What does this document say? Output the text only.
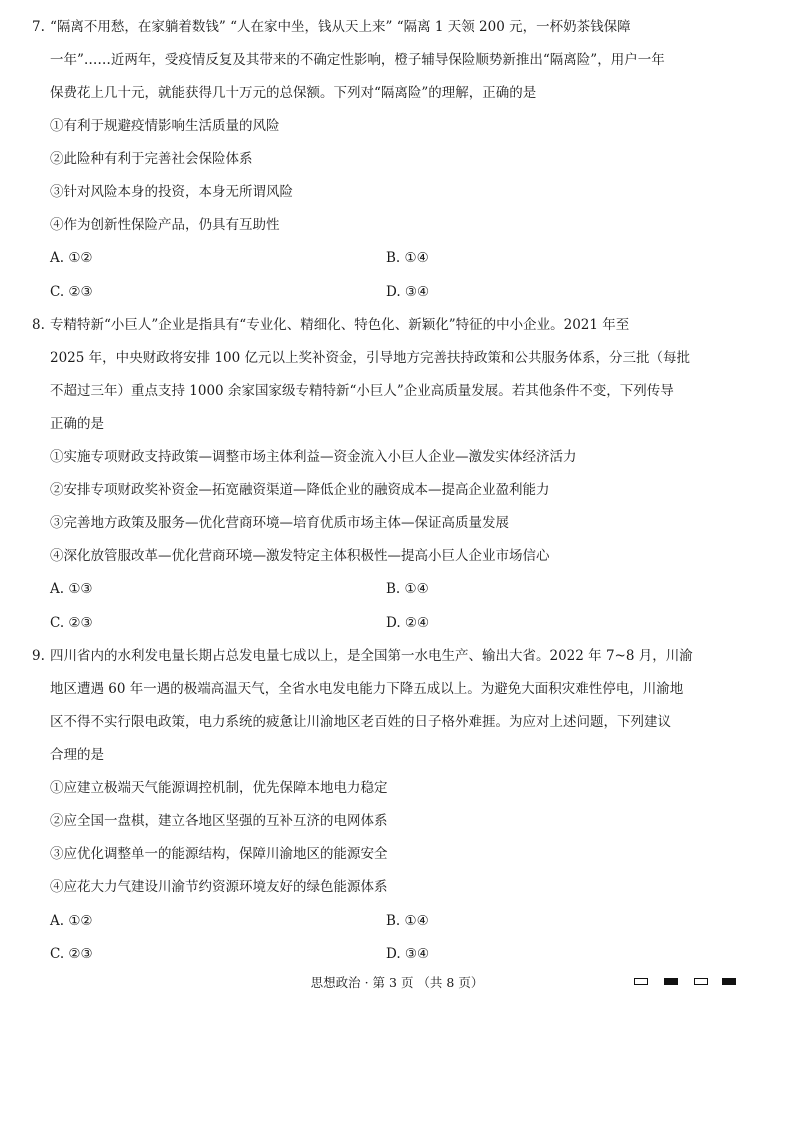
7. “隔离不用愁，在家躺着数钱” “人在家中坐，钱从天上来” “隔离 1 天领 200 元，一杯奶茶钱保障
一年”……近两年，受疫情反复及其带来的不确定性影响，橙子辅导保险顺势新推出“隔离险”，用户一年
保费花上几十元，就能获得几十万元的总保额。下列对“隔离险”的理解，正确的是
①有利于规避疫情影响生活质量的风险
②此险种有利于完善社会保险体系
③针对风险本身的投资，本身无所谓风险
④作为创新性保险产品，仍具有互助性
A. ①②	B. ①④
C. ②③	D. ③④
8. 专精特新“小巨人”企业是指具有“专业化、精细化、特色化、新颖化”特征的中小企业。2021 年至
2025 年，中央财政将安排 100 亿元以上奖补资金，引导地方完善扶持政策和公共服务体系，分三批（每批
不超过三年）重点支持 1000 余家国家级专精特新“小巨人”企业高质量发展。若其他条件不变，下列传导
正确的是
①实施专项财政支持政策—调整市场主体利益—资金流入小巨人企业—激发实体经济活力
②安排专项财政奖补资金—拓宽融资渠道—降低企业的融资成本—提高企业盈利能力
③完善地方政策及服务—优化营商环境—培育优质市场主体—保证高质量发展
④深化放管服改革—优化营商环境—激发特定主体积极性—提高小巨人企业市场信心
A. ①③	B. ①④
C. ②③	D. ②④
9. 四川省内的水利发电量长期占总发电量七成以上，是全国第一水电生产、输出大省。2022 年 7~8 月，川渝
地区遭遇 60 年一遇的极端高温天气，全省水电发电能力下降五成以上。为避免大面积灾难性停电，川渝地
区不得不实行限电政策，电力系统的疲惫让川渝地区老百姓的日子格外难捱。为应对上述问题，下列建议
合理的是
①应建立极端天气能源调控机制，优先保障本地电力稳定
②应全国一盘棋，建立各地区坚强的互补互济的电网体系
③应优化调整单一的能源结构，保障川渝地区的能源安全
④应花大力气建设川渝节约资源环境友好的绿色能源体系
A. ①②	B. ①④
C. ②③	D. ③④
思想政治 · 第 3 页 （共 8 页）
